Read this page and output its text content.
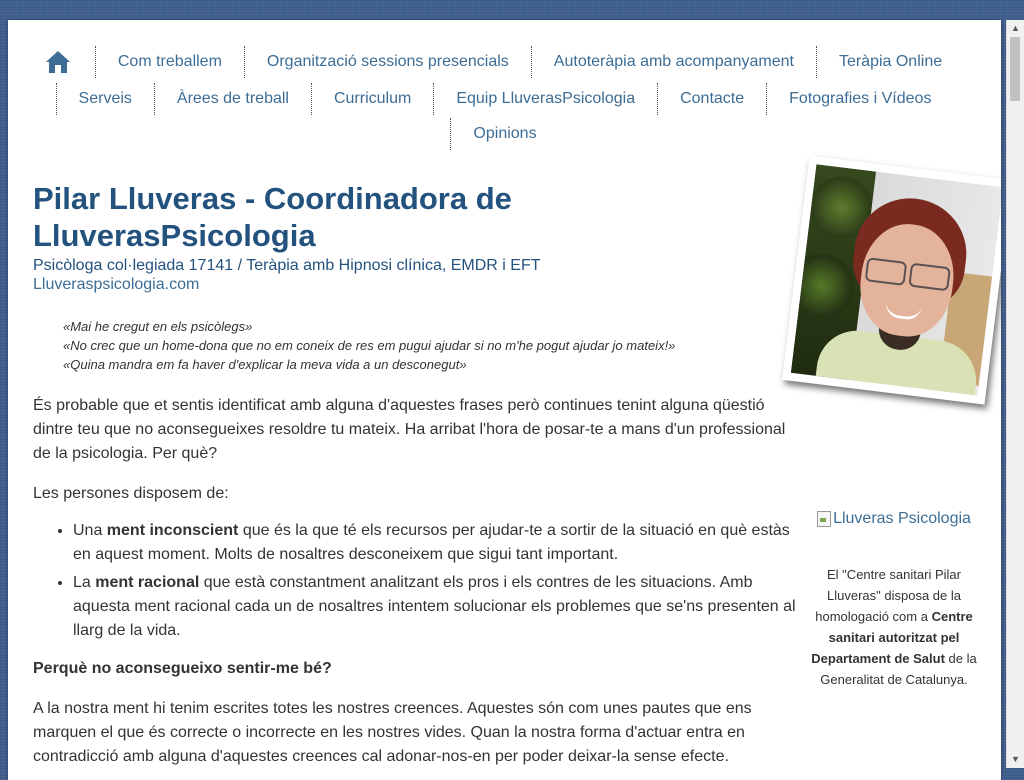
Com treballem	Organització sessions presencials	Autoteràpia amb acompanyament	Teràpia Online
Serveis	Àrees de treball	Curriculum	Equip LluverasPsicologia	Contacte	Fotografies i Vídeos
Opinions
Pilar Lluveras - Coordinadora de LluverasPsicologia
Psicòloga col·legiada 17141 / Teràpia amb Hipnosi clínica, EMDR i EFT
Lluveraspsicologia.com
«Mai he cregut en els psicòlegs»
«No crec que un home-dona que no em coneix de res em pugui ajudar si no m'he pogut ajudar jo mateix!»
«Quina mandra em fa haver d'explicar la meva vida a un desconegut»

És probable que et sentis identificat amb alguna d'aquestes frases però continues tenint alguna qüestió dintre teu que no aconsegueixes resoldre tu mateix. Ha arribat l'hora de posar-te a mans d'un professional de la psicologia. Per què?

Les persones disposem de:

• Una ment inconscient que és la que té els recursos per ajudar-te a sortir de la situació en què estàs en aquest moment. Molts de nosaltres desconeixem que sigui tant important.
• La ment racional que està constantment analitzant els pros i els contres de les situacions. Amb aquesta ment racional cada un de nosaltres intentem solucionar els problemes que se'ns presenten al llarg de la vida.

Perquè no aconsegueixo sentir-me bé?

A la nostra ment hi tenim escrites totes les nostres creences. Aquestes són com unes pautes que ens marquen el que és correcte o incorrecte en les nostres vides. Quan la nostra forma d'actuar entra en contradicció amb alguna d'aquestes creences cal adonar-nos-en per poder deixar-la sense efecte.

Lluveras Psicologia
El "Centre sanitari Pilar Lluveras" disposa de la homologació com a Centre sanitari autoritzat pel Departament de Salut de la Generalitat de Catalunya.
▲
▼
